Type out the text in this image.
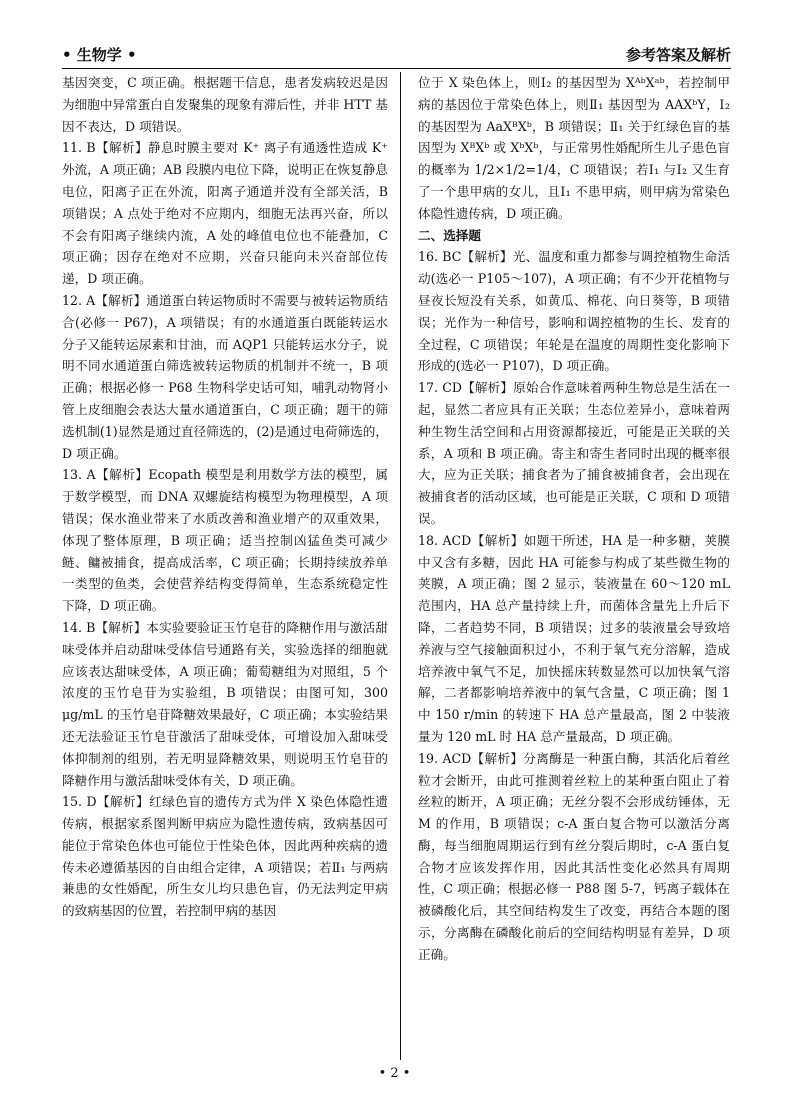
• 生物学 •	参考答案及解析

基因突变，C 项正确。根据题干信息，患者发病较迟是因为细胞中异常蛋白自发聚集的现象有滞后性，并非 HTT 基因不表达，D 项错误。

11. B【解析】静息时膜主要对 K⁺ 离子有通透性造成 K⁺ 外流，A 项正确；AB 段膜内电位下降，说明正在恢复静息电位，阳离子正在外流，阳离子通道并没有全部关活，B 项错误；A 点处于绝对不应期内，细胞无法再兴奋，所以不会有阳离子继续内流，A 处的峰值电位也不能叠加，C 项正确；因存在绝对不应期，兴奋只能向未兴奋部位传递，D 项正确。

12. A【解析】通道蛋白转运物质时不需要与被转运物质结合(必修一 P67)，A 项错误；有的水通道蛋白既能转运水分子又能转运尿素和甘油，而 AQP1 只能转运水分子，说明不同水通道蛋白筛选被转运物质的机制并不统一，B 项正确；根据必修一 P68 生物科学史话可知，哺乳动物肾小管上皮细胞会表达大量水通道蛋白，C 项正确；题干的筛选机制(1)显然是通过直径筛选的，(2)是通过电荷筛选的，D 项正确。

13. A【解析】Ecopath 模型是利用数学方法的模型，属于数学模型，而 DNA 双螺旋结构模型为物理模型，A 项错误；保水渔业带来了水质改善和渔业增产的双重效果，体现了整体原理，B 项正确；适当控制凶猛鱼类可减少鲢、鳙被捕食，提高成活率，C 项正确；长期持续放养单一类型的鱼类，会使营养结构变得简单，生态系统稳定性下降，D 项正确。

14. B【解析】本实验要验证玉竹皂苷的降糖作用与激活甜味受体并启动甜味受体信号通路有关，实验选择的细胞就应该表达甜味受体，A 项正确；葡萄糖组为对照组，5 个浓度的玉竹皂苷为实验组，B 项错误；由图可知，300 μg/mL 的玉竹皂苷降糖效果最好，C 项正确；本实验结果还无法验证玉竹皂苷激活了甜味受体，可增设加入甜味受体抑制剂的组别，若无明显降糖效果，则说明玉竹皂苷的降糖作用与激活甜味受体有关，D 项正确。

15. D【解析】红绿色盲的遗传方式为伴 X 染色体隐性遗传病，根据家系图判断甲病应为隐性遗传病，致病基因可能位于常染色体也可能位于性染色体，因此两种疾病的遗传未必遵循基因的自由组合定律，A 项错误；若Ⅱ₁ 与两病兼患的女性婚配，所生女儿均只患色盲，仍无法判定甲病的致病基因的位置，若控制甲病的基因

位于 X 染色体上，则Ⅰ₂ 的基因型为 XᴬᵇXᵃᵇ，若控制甲病的基因位于常染色体上，则Ⅱ₁ 基因型为 AAXᵇY，Ⅰ₂ 的基因型为 AaXᴮXᵇ，B 项错误；Ⅱ₁ 关于红绿色盲的基因型为 XᴮXᵇ 或 XᵇXᵇ，与正常男性婚配所生儿子患色盲的概率为 1/2×1/2=1/4，C 项错误；若Ⅰ₁ 与Ⅰ₂ 又生育了一个患甲病的女儿，且Ⅰ₁ 不患甲病，则甲病为常染色体隐性遗传病，D 项正确。

二、选择题

16. BC【解析】光、温度和重力都参与调控植物生命活动(选必一 P105～107)，A 项正确；有不少开花植物与昼夜长短没有关系，如黄瓜、棉花、向日葵等，B 项错误；光作为一种信号，影响和调控植物的生长、发育的全过程，C 项错误；年轮是在温度的周期性变化影响下形成的(选必一 P107)，D 项正确。

17. CD【解析】原始合作意味着两种生物总是生活在一起，显然二者应具有正关联；生态位差异小，意味着两种生物生活空间和占用资源都接近，可能是正关联的关系，A 项和 B 项正确。寄主和寄生者同时出现的概率很大，应为正关联；捕食者为了捕食被捕食者，会出现在被捕食者的活动区域，也可能是正关联，C 项和 D 项错误。

18. ACD【解析】如题干所述，HA 是一种多糖，荚膜中又含有多糖，因此 HA 可能参与构成了某些微生物的荚膜，A 项正确；图 2 显示，装液量在 60～120 mL 范围内，HA 总产量持续上升，而菌体含量先上升后下降，二者趋势不同，B 项错误；过多的装液量会导致培养液与空气接触面积过小，不利于氧气充分溶解，造成培养液中氧气不足，加快摇床转数显然可以加快氧气溶解，二者都影响培养液中的氧气含量，C 项正确；图 1 中 150 r/min 的转速下 HA 总产量最高，图 2 中装液量为 120 mL 时 HA 总产量最高，D 项正确。

19. ACD【解析】分离酶是一种蛋白酶，其活化后着丝粒才会断开，由此可推测着丝粒上的某种蛋白阻止了着丝粒的断开，A 项正确；无丝分裂不会形成纺锤体，无 M 的作用，B 项错误；c-A 蛋白复合物可以激活分离酶，每当细胞周期运行到有丝分裂后期时，c-A 蛋白复合物才应该发挥作用，因此其活性变化必然具有周期性，C 项正确；根据必修一 P88 图 5-7，钙离子载体在被磷酸化后，其空间结构发生了改变，再结合本题的图示，分离酶在磷酸化前后的空间结构明显有差异，D 项正确。

• 2 •
